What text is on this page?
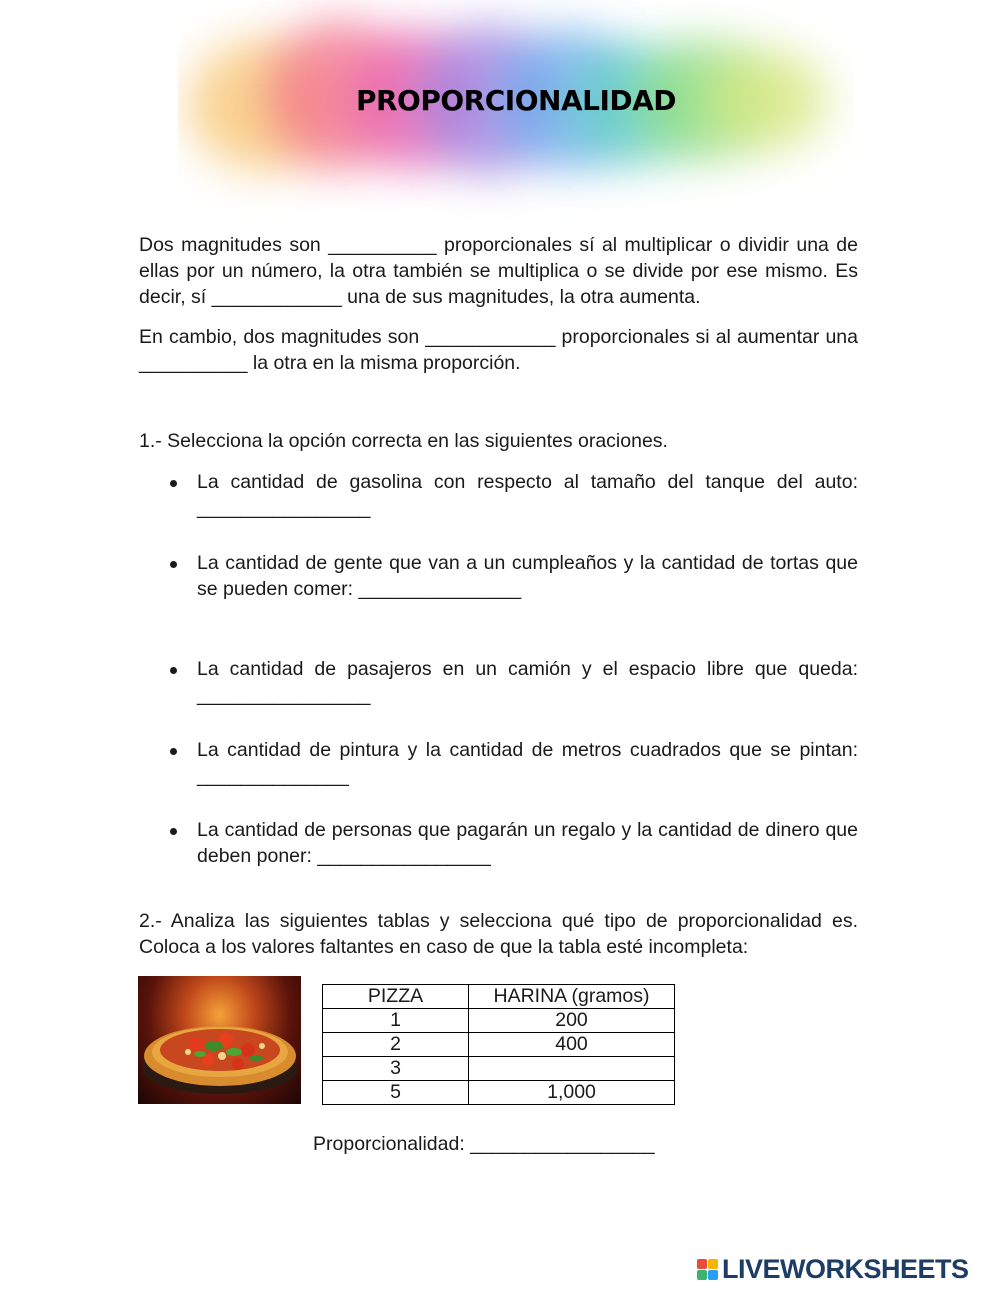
PROPORCIONALIDAD

Dos magnitudes son __________ proporcionales sí al multiplicar o dividir una de ellas por un número, la otra también se multiplica o se divide por ese mismo. Es decir, sí ____________ una de sus magnitudes, la otra aumenta.

En cambio, dos magnitudes son ____________ proporcionales si al aumentar una __________ la otra en la misma proporción.

1.- Selecciona la opción correcta en las siguientes oraciones.
La cantidad de gasolina con respecto al tamaño del tanque del auto: ________________
La cantidad de gente que van a un cumpleaños y la cantidad de tortas que se pueden comer: _______________
La cantidad de pasajeros en un camión y el espacio libre que queda: ________________
La cantidad de pintura y la cantidad de metros cuadrados que se pintan: ______________
La cantidad de personas que pagarán un regalo y la cantidad de dinero que deben poner: ________________

2.- Analiza las siguientes tablas y selecciona qué tipo de proporcionalidad es. Coloca a los valores faltantes en caso de que la tabla esté incompleta:

PIZZA	HARINA (gramos)
1	200
2	400
3	
5	1,000
Proporcionalidad: _________________
LIVEWORKSHEETS
